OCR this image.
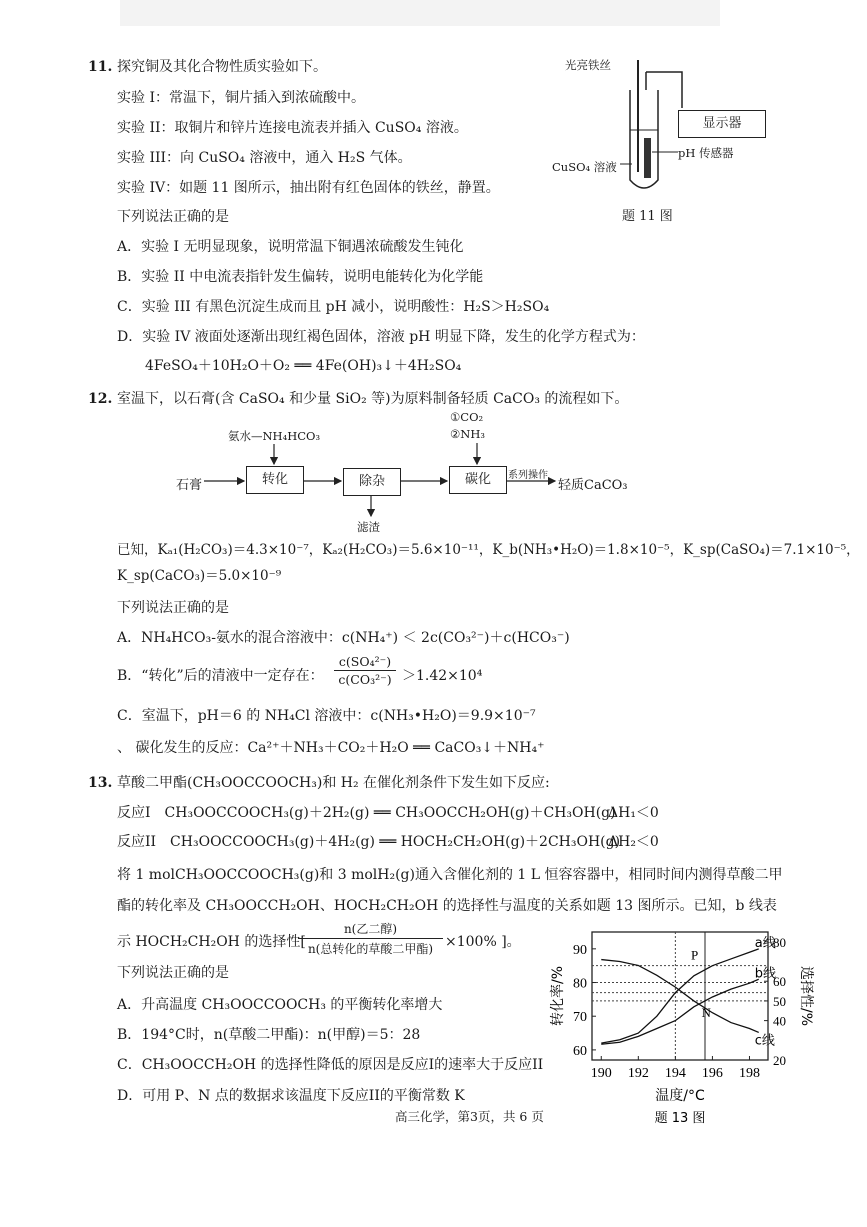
11. 探究铜及其化合物性质实验如下。
实验 I：常温下，铜片插入到浓硫酸中。
实验 II：取铜片和锌片连接电流表并插入 CuSO₄ 溶液。
实验 III：向 CuSO₄ 溶液中，通入 H₂S 气体。
实验 IV：如题 11 图所示，抽出附有红色固体的铁丝，静置。
下列说法正确的是
A．实验 I 无明显现象，说明常温下铜遇浓硫酸发生钝化
B．实验 II 中电流表指针发生偏转，说明电能转化为化学能
C．实验 III 有黑色沉淀生成而且 pH 减小，说明酸性：H₂S＞H₂SO₄
D．实验 IV 液面处逐渐出现红褐色固体，溶液 pH 明显下降，发生的化学方程式为：
4FeSO₄＋10H₂O＋O₂ ══ 4Fe(OH)₃↓＋4H₂SO₄
光亮铁丝
显示器
pH 传感器
CuSO₄ 溶液
题 11 图
12. 室温下，以石膏(含 CaSO₄ 和少量 SiO₂ 等)为原料制备轻质 CaCO₃ 的流程如下。
氨水—NH₄HCO₃
①CO₂
②NH₃
石膏	转化	除杂	碳化	系列操作
轻质CaCO₃
滤渣
已知，Kₐ₁(H₂CO₃)＝4.3×10⁻⁷，Kₐ₂(H₂CO₃)＝5.6×10⁻¹¹，K_b(NH₃•H₂O)＝1.8×10⁻⁵，K_sp(CaSO₄)＝7.1×10⁻⁵，
K_sp(CaCO₃)＝5.0×10⁻⁹
下列说法正确的是
A．NH₄HCO₃-氨水的混合溶液中：c(NH₄⁺) ＜ 2c(CO₃²⁻)＋c(HCO₃⁻)
B．“转化”后的清液中一定存在：
c(SO₄²⁻)
c(CO₃²⁻) ＞1.42×10⁴
C．室温下，pH＝6 的 NH₄Cl 溶液中：c(NH₃•H₂O)＝9.9×10⁻⁷
、 碳化发生的反应：Ca²⁺＋NH₃＋CO₂＋H₂O ══ CaCO₃↓＋NH₄⁺
13. 草酸二甲酯(CH₃OOCCOOCH₃)和 H₂ 在催化剂条件下发生如下反应:
反应I　CH₃OOCCOOCH₃(g)＋2H₂(g) ══ CH₃OOCCH₂OH(g)＋CH₃OH(g)
ΔH₁＜0
反应II　CH₃OOCCOOCH₃(g)＋4H₂(g) ══ HOCH₂CH₂OH(g)＋2CH₃OH(g)
ΔH₂＜0
将 1 molCH₃OOCCOOCH₃(g)和 3 molH₂(g)通入含催化剂的 1 L 恒容容器中，相同时间内测得草酸二甲
酯的转化率及 CH₃OOCCH₂OH、HOCH₂CH₂OH 的选择性与温度的关系如题 13 图所示。已知，b 线表
示 HOCH₂CH₂OH 的选择性[
n(乙二醇)
n(总转化的草酸二甲酯) ×100% ]。
下列说法正确的是
A．升高温度 CH₃OOCCOOCH₃ 的平衡转化率增大
B．194°C时，n(草酸二甲酯)：n(甲醇)＝5：28
C．CH₃OOCCH₂OH 的选择性降低的原因是反应I的速率大于反应II
D．可用 P、N 点的数据求该温度下反应II的平衡常数 K
190 192 194 196 198
60
70
80
90
20
40
50
60
80
a线
b线
c线
P
N
温度/°C
转化率/%	选择性/%
题 13 图
高三化学，第3页，共 6 页
